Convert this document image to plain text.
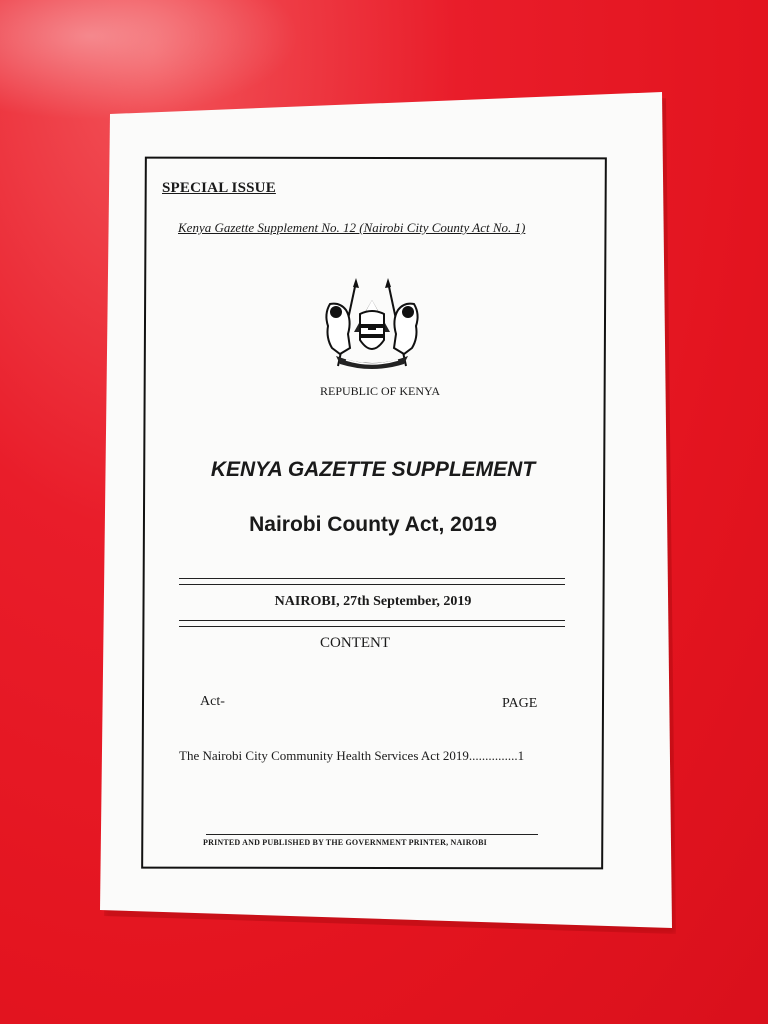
SPECIAL ISSUE
Kenya Gazette Supplement No. 12 (Nairobi City County Act No. 1)
REPUBLIC OF KENYA
KENYA GAZETTE SUPPLEMENT
Nairobi County Act, 2019
NAIROBI, 27th September, 2019
CONTENT
Act-	PAGE
The Nairobi City Community Health Services Act 2019...............1
PRINTED AND PUBLISHED BY THE GOVERNMENT PRINTER, NAIROBI
